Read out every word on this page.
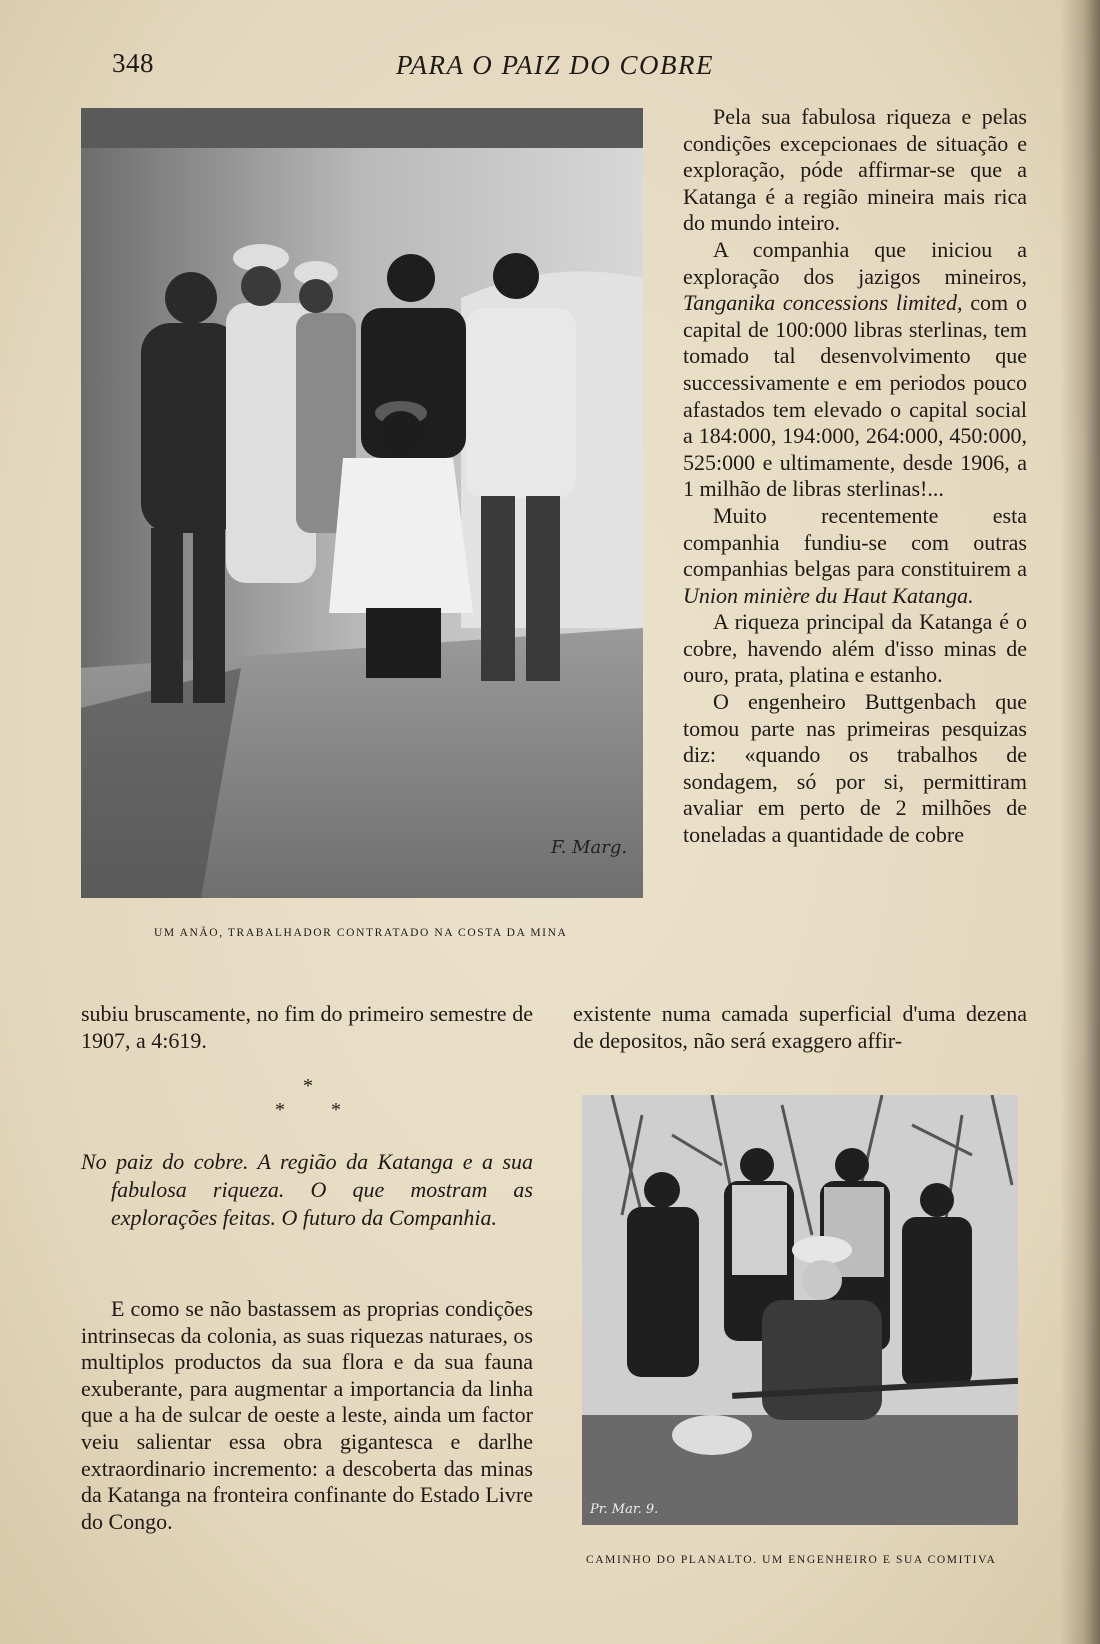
348	PARA O PAIZ DO COBRE
F. Marg.
UM ANÃO, TRABALHADOR CONTRATADO NA COSTA DA MINA

Pela sua fabulosa riqueza e pelas condições excepcionaes de situação e exploração, póde affirmar-se que a Katanga é a região mineira mais rica do mundo inteiro.

A companhia que iniciou a exploração dos jazigos mineiros, Tanganika concessions limited, com o capital de 100:000 libras sterlinas, tem tomado tal desenvolvimento que successivamente e em periodos pouco afastados tem elevado o capital social a 184:000, 194:000, 264:000, 450:000, 525:000 e ultimamente, desde 1906, a 1 milhão de libras sterlinas!...

Muito recentemente esta companhia fundiu-se com outras companhias belgas para constituirem a Union minière du Haut Katanga.

A riqueza principal da Katanga é o cobre, havendo além d'isso minas de ouro, prata, platina e estanho.

O engenheiro Buttgenbach que tomou parte nas primeiras pesquizas diz: «quando os trabalhos de sondagem, só por si, permittiram avaliar em perto de 2 milhões de toneladas a quantidade de cobre

existente numa camada superficial d'uma dezena de depositos, não será exaggero affir-
subiu bruscamente, no fim do primeiro semestre de 1907, a 4:619.
*
* *
No paiz do cobre. A região da Katanga e a sua fabulosa riqueza. O que mostram as explorações feitas. O futuro da Companhia.

E como se não bastassem as proprias condições intrinsecas da colonia, as suas riquezas naturaes, os multiplos productos da sua flora e da sua fauna exuberante, para augmentar a importancia da linha que a ha de sulcar de oeste a leste, ainda um factor veiu salientar essa obra gigantesca e darlhe extraordinario incremento: a descoberta das minas da Katanga na fronteira confinante do Estado Livre do Congo.	Pr. Mar. 9.
CAMINHO DO PLANALTO. UM ENGENHEIRO E SUA COMITIVA
